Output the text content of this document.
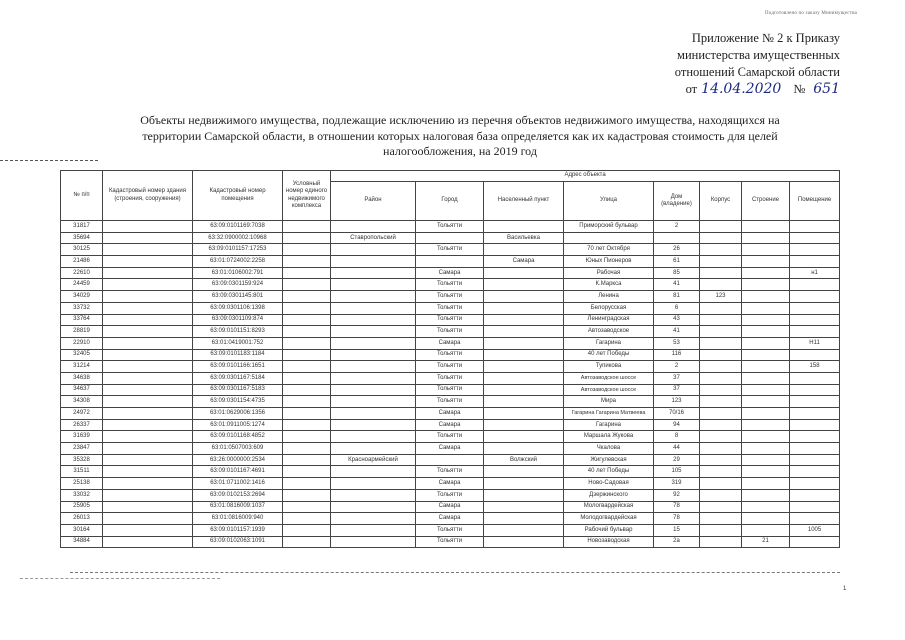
Подготовлено по заказу Минимущества
Приложение № 2 к Приказу
министерства имущественных
отношений Самарской области
от 14.04.2020 № 651
Объекты недвижимого имущества, подлежащие исключению из перечня объектов недвижимого имущества, находящихся на
территории Самарской области, в отношении которых налоговая база определяется как их кадастровая стоимость для целей
налогообложения, на 2019 год
№ п/п	Кадастровый номер здания (строения, сооружения)	Кадастровый номер помещения	Условный номер единого недвижимого комплекса	Адрес объекта							
				Район	Город	Населенный пункт	Улица	Дом (владение)	Корпус	Строение	Помещение
31817		63:09:0101169:7038			Тольятти		Приморский бульвар	2			
35694		63:32:0900002:10968		Ставропольский		Васильевка					
30125		63:09:0101157:17253			Тольятти		70 лет Октября	26			
21486		63:01:0724002:2258				Самара	Юных Пионеров	61			
22610		63:01:0106002:791			Самара		Рабочая	85			н1
24459		63:09:0301159:924			Тольятти		К.Маркса	41			
34029		63:09:0301145:801			Тольятти		Ленина	81	123		
33732		63:09:0301106:1398			Тольятти		Белорусская	6			
33764		63:09:0301109:874			Тольятти		Ленинградская	43			
28819		63:09:0101151:8293			Тольятти		Автозаводское	41			
22910		63:01:0419001:752			Самара		Гагарина	53			Н11
32405		63:09:0101183:1184			Тольятти		40 лет Победы	116			
31214		63:09:0101166:1651			Тольятти		Тупикова	2			158
34638		63:09:0301167:5184			Тольятти		Автозаводское шоссе	37			
34637		63:09:0301167:5183			Тольятти		Автозаводское шоссе	37			
34308		63:09:0301154:4735			Тольятти		Мира	123			
24972		63:01:0629006:1356			Самара		Гагарина Гагарина Матвеева	70/16			
26337		63:01:0911005:1274			Самара		Гагарина	94			
31639		63:09:0101168:4852			Тольятти		Маршала Жукова	8			
23847		63:01:0507003:609			Самара		Чкалова	44			
35328		63:26:0000000:2534		Красноармейский		Волжский	Жигулевская	29			
31511		63:09:0101167:4691			Тольятти		40 лет Победы	105			
25138		63:01:0711002:1416			Самара		Ново-Садовая	319			
33032		63:09:0102153:2694			Тольятти		Дзержинского	92			
25905		63:01:0816009:1037			Самара		Мологвардейская	78			
26013		63:01:0816009:940			Самара		Молодогвардейская	78			
30164		63:09:0101157:1939			Тольятти		Рабочий бульвар	15			1005
34884		63:09:0102063:1091			Тольятти		Новозаводская	2а		21	
1
